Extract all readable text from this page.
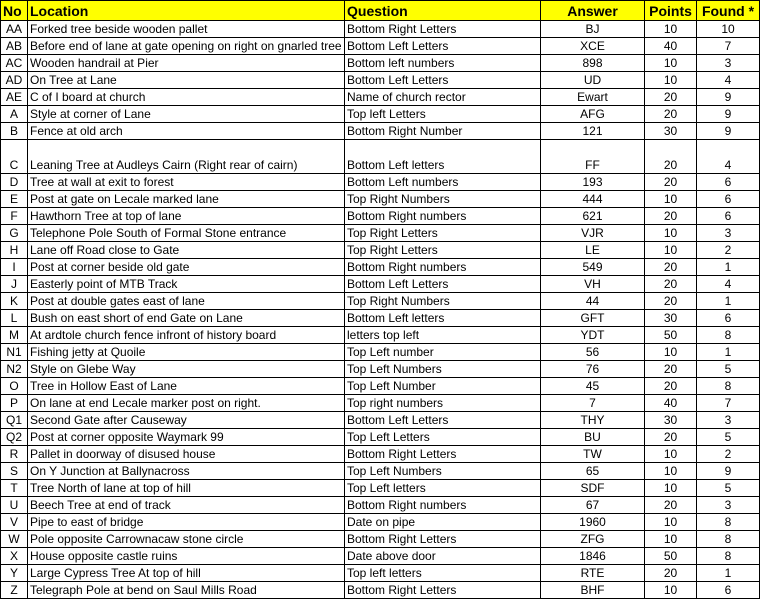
No	Location	Question	Answer	Points	Found *
AA	Forked tree beside wooden pallet	Bottom Right Letters	BJ	10	10
AB	Before end of lane at gate opening on right on gnarled tree	Bottom Left Letters	XCE	40	7
AC	Wooden handrail at Pier	Bottom left numbers	898	10	3
AD	On Tree at Lane	Bottom Left Letters	UD	10	4
AE	C of I board at church	Name of church rector	Ewart	20	9
A	Style at corner of Lane	Top left Letters	AFG	20	9
B	Fence at old arch	Bottom Right Number	121	30	9
C	Leaning Tree at Audleys Cairn (Right rear of cairn)	Bottom Left letters	FF	20	4
D	Tree at wall at exit to forest	Bottom Left numbers	193	20	6
E	Post at gate on Lecale marked lane	Top Right Numbers	444	10	6
F	Hawthorn Tree at top of lane	Bottom Right numbers	621	20	6
G	Telephone Pole South of Formal Stone entrance	Top Right Letters	VJR	10	3
H	Lane off Road close to Gate	Top Right Letters	LE	10	2
I	Post at corner beside old gate	Bottom Right numbers	549	20	1
J	Easterly point of MTB Track	Bottom Left Letters	VH	20	4
K	Post at double gates east of lane	Top Right Numbers	44	20	1
L	Bush on east short of end Gate on Lane	Bottom Left letters	GFT	30	6
M	At ardtole church fence infront of history board	letters top left	YDT	50	8
N1	Fishing jetty at Quoile	Top Left number	56	10	1
N2	Style on Glebe Way	Top Left Numbers	76	20	5
O	Tree in Hollow East of Lane	Top Left Number	45	20	8
P	On lane at end Lecale marker post on right.	Top right numbers	7	40	7
Q1	Second Gate after Causeway	Bottom Left Letters	THY	30	3
Q2	Post at corner opposite Waymark 99	Top Left Letters	BU	20	5
R	Pallet in doorway of disused house	Bottom Right Letters	TW	10	2
S	On Y Junction at Ballynacross	Top Left Numbers	65	10	9
T	Tree North of lane at top of hill	Top Left letters	SDF	10	5
U	Beech Tree at end of track	Bottom Right numbers	67	20	3
V	Pipe to east of bridge	Date on pipe	1960	10	8
W	Pole opposite Carrownacaw stone circle	Bottom Right Letters	ZFG	10	8
X	House opposite castle ruins	Date above door	1846	50	8
Y	Large Cypress Tree At top of hill	Top left letters	RTE	20	1
Z	Telegraph Pole at bend on Saul Mills Road	Bottom Right Letters	BHF	10	6
